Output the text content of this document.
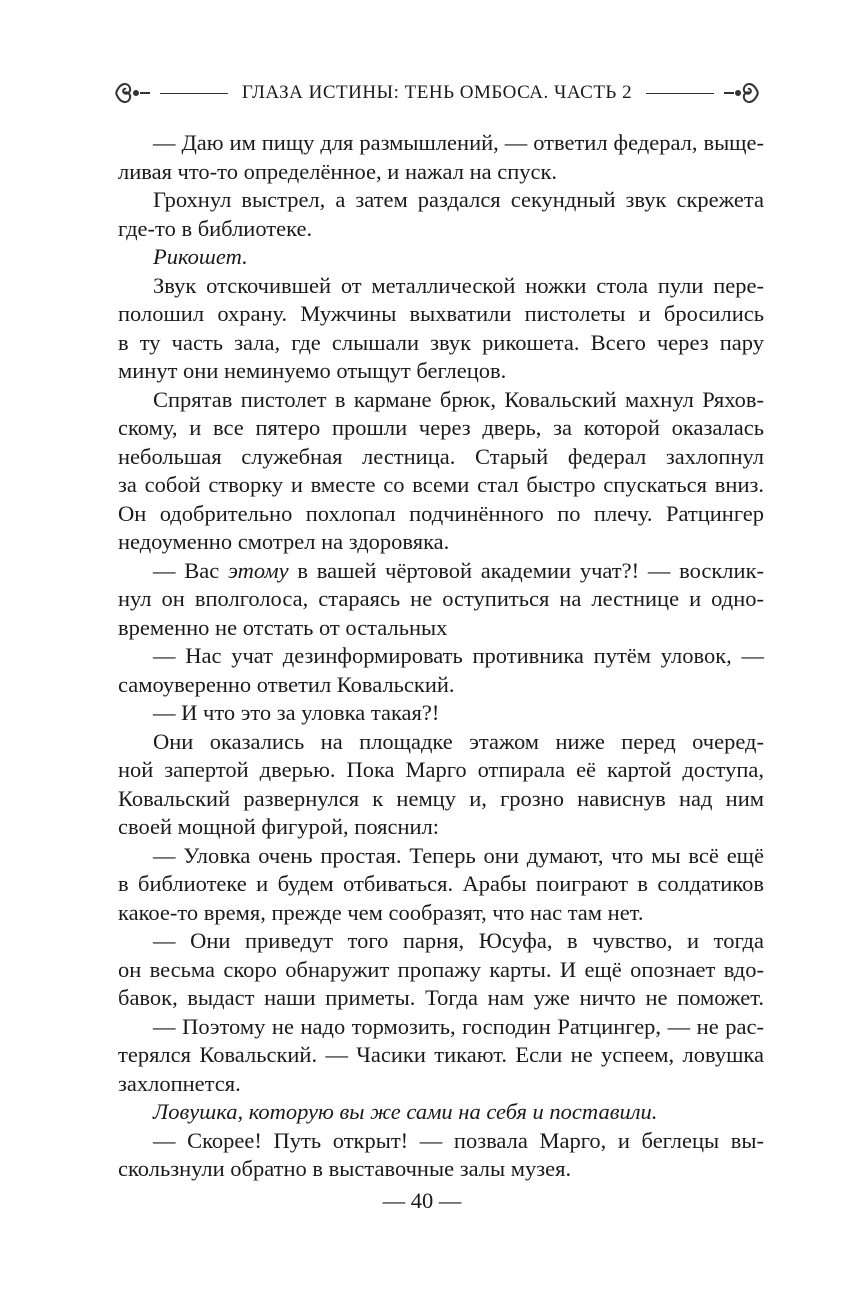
ГЛАЗА ИСТИНЫ: ТЕНЬ ОМБОСА. ЧАСТЬ 2
— Даю им пищу для размышлений, — ответил федерал, выще-
ливая что-то определённое, и нажал на спуск.
Грохнул выстрел, а затем раздался секундный звук скрежета
где-то в библиотеке.
Рикошет.
Звук отскочившей от металлической ножки стола пули пере-
полошил охрану. Мужчины выхватили пистолеты и бросились
в ту часть зала, где слышали звук рикошета. Всего через пару
минут они неминуемо отыщут беглецов.
Спрятав пистолет в кармане брюк, Ковальский махнул Ряхов-
скому, и все пятеро прошли через дверь, за которой оказалась
небольшая служебная лестница. Старый федерал захлопнул
за собой створку и вместе со всеми стал быстро спускаться вниз.
Он одобрительно похлопал подчинённого по плечу. Ратцингер
недоуменно смотрел на здоровяка.
— Вас этому в вашей чёртовой академии учат?! — восклик-
нул он вполголоса, стараясь не оступиться на лестнице и одно-
временно не отстать от остальных
— Нас учат дезинформировать противника путём уловок, —
самоуверенно ответил Ковальский.
— И что это за уловка такая?!
Они оказались на площадке этажом ниже перед очеред-
ной запертой дверью. Пока Марго отпирала её картой доступа,
Ковальский развернулся к немцу и, грозно нависнув над ним
своей мощной фигурой, пояснил:
— Уловка очень простая. Теперь они думают, что мы всё ещё
в библиотеке и будем отбиваться. Арабы поиграют в солдатиков
какое-то время, прежде чем сообразят, что нас там нет.
— Они приведут того парня, Юсуфа, в чувство, и тогда
он весьма скоро обнаружит пропажу карты. И ещё опознает вдо-
бавок, выдаст наши приметы. Тогда нам уже ничто не поможет.
— Поэтому не надо тормозить, господин Ратцингер, — не рас-
терялся Ковальский. — Часики тикают. Если не успеем, ловушка
захлопнется.
Ловушка, которую вы же сами на себя и поставили.
— Скорее! Путь открыт! — позвала Марго, и беглецы вы-
скользнули обратно в выставочные залы музея.
— 40 —
